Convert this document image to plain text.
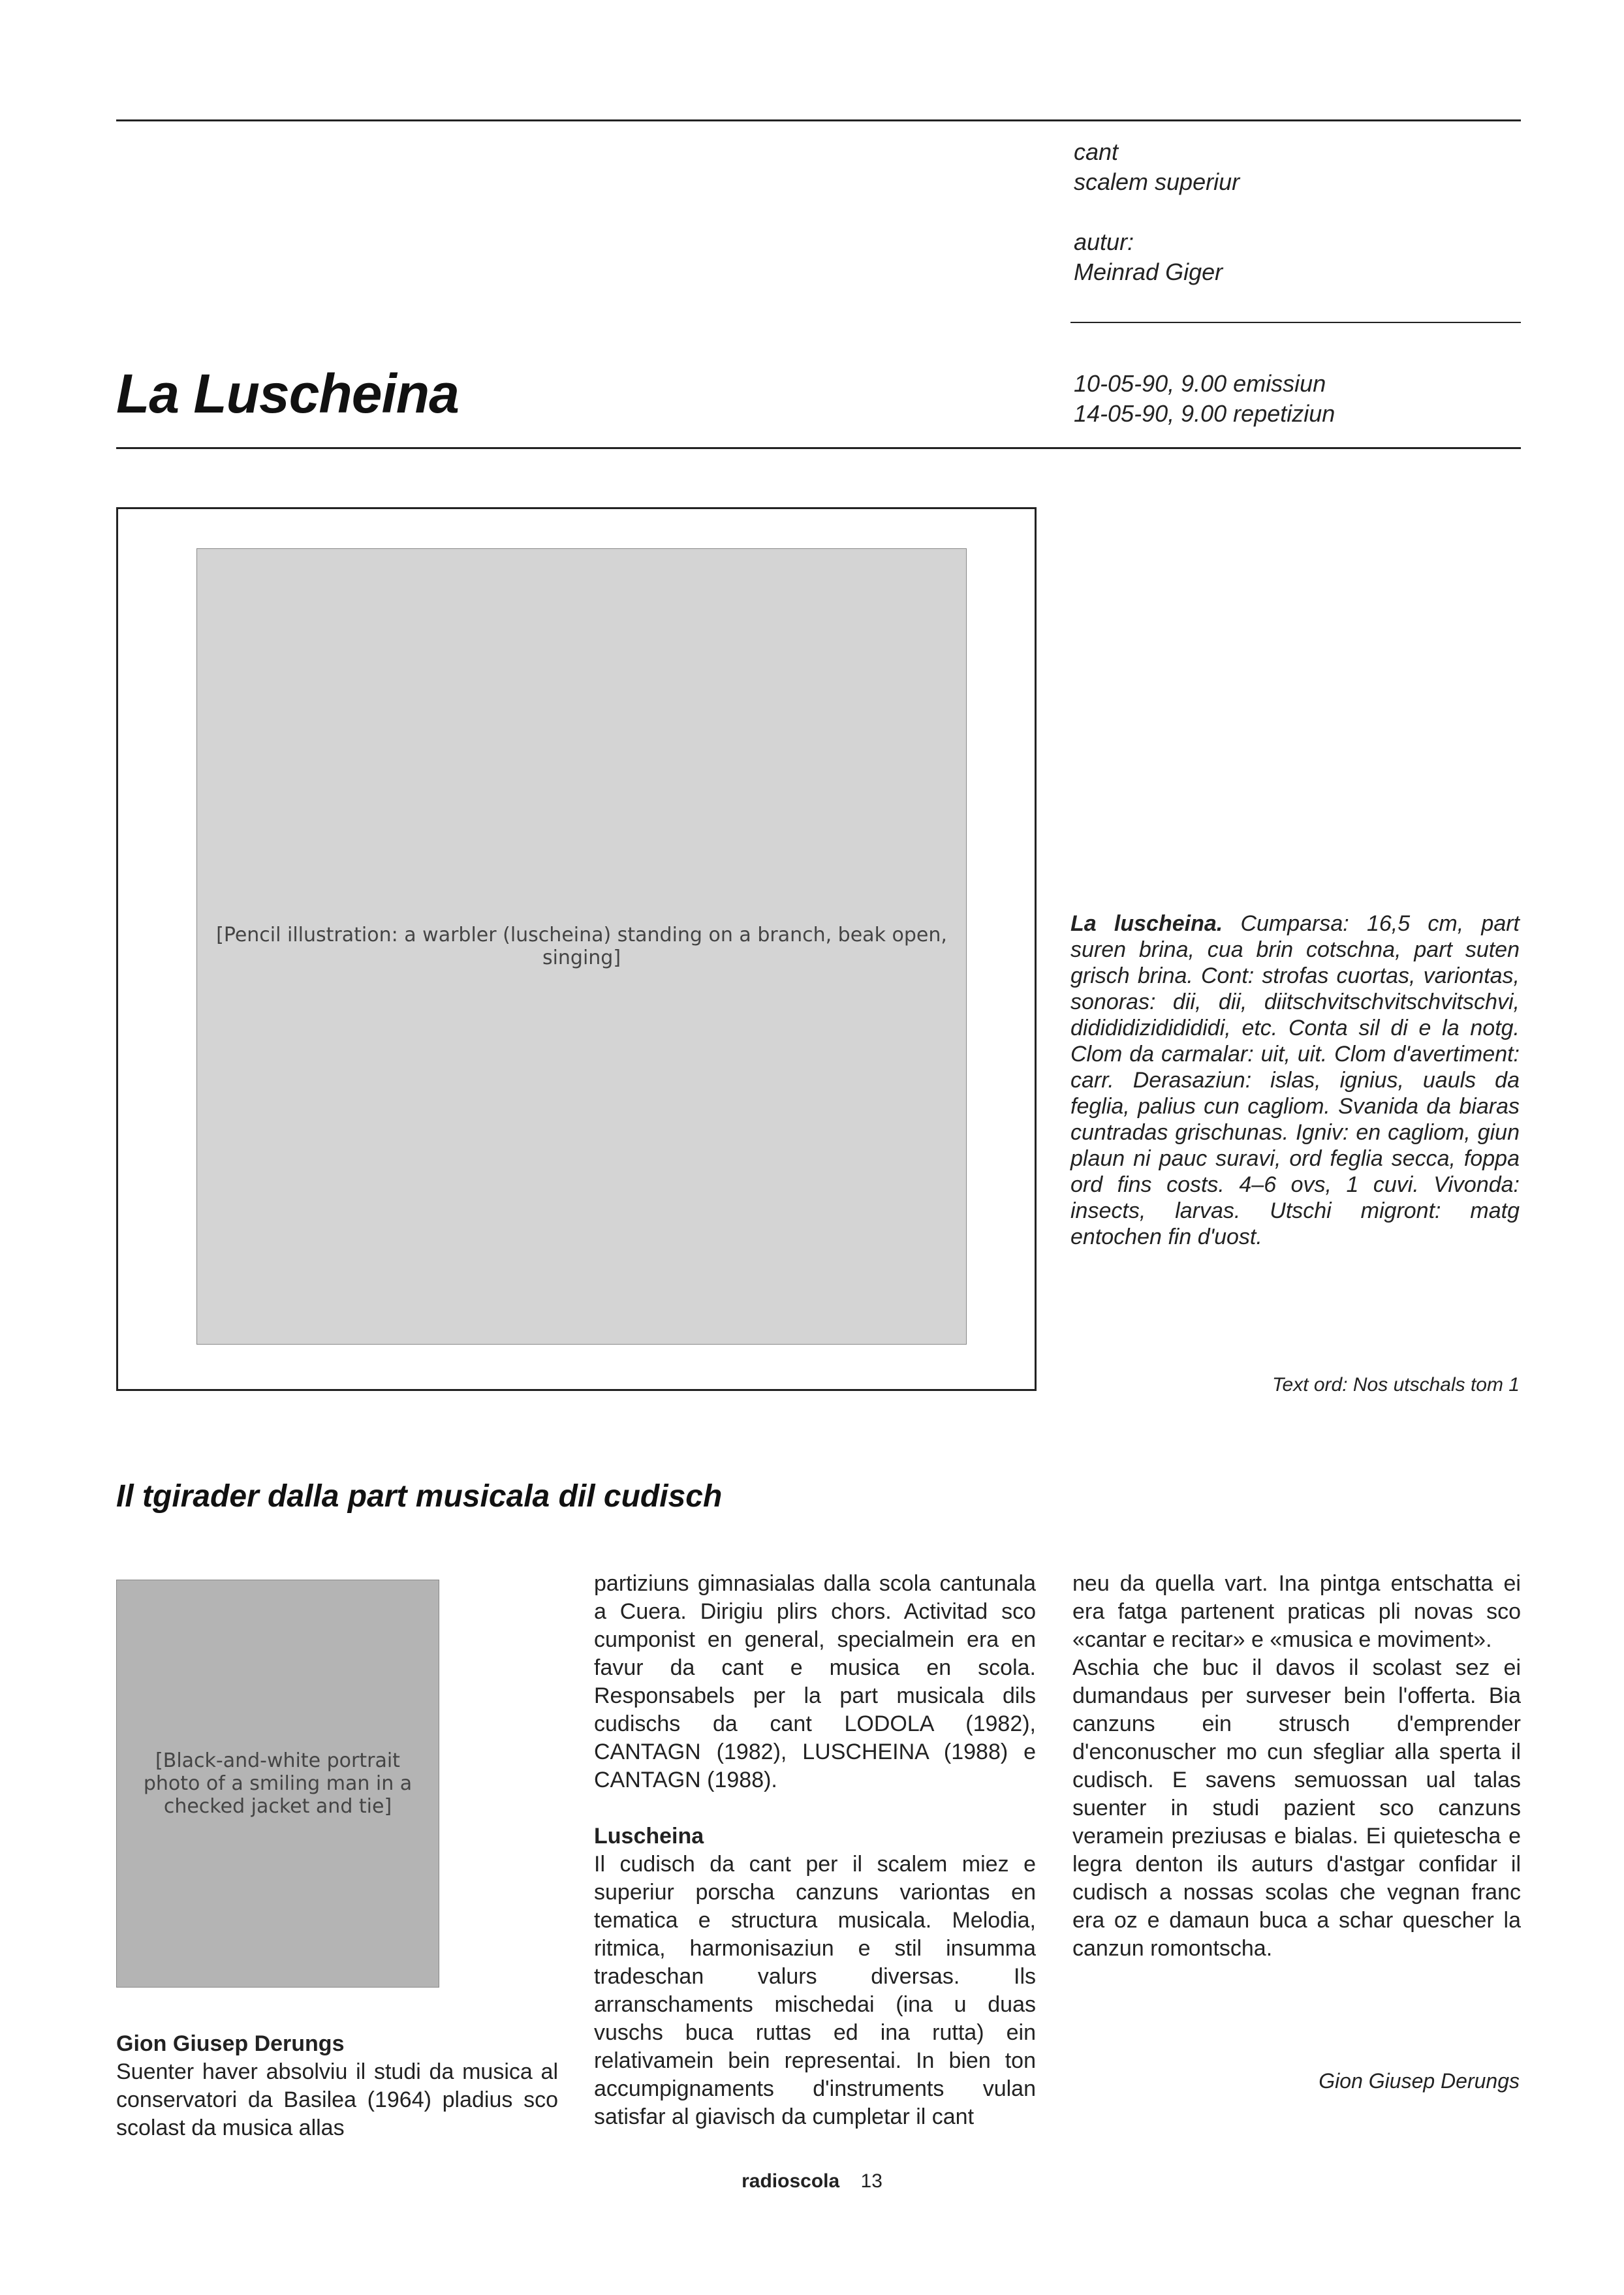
cant
scalem superiur
autur:
Meinrad Giger
10-05-90, 9.00 emissiun
14-05-90, 9.00 repetiziun
La Luscheina
[Pencil illustration: a warbler (luscheina) standing on a branch, beak open, singing]
La luscheina. Cumparsa: 16,5 cm, part suren brina, cua brin cotschna, part suten grisch brina. Cont: strofas cuortas, variontas, sonoras: dii, dii, diitschvitschvitschvitschvi, didididizididididi, etc. Conta sil di e la notg. Clom da carmalar: uit, uit. Clom d'avertiment: carr. Derasaziun: islas, ignius, uauls da feglia, palius cun cagliom. Svanida da biaras cuntradas grischunas. Igniv: en cagliom, giun plaun ni pauc suravi, ord feglia secca, foppa ord fins costs. 4–6 ovs, 1 cuvi. Vivonda: insects, larvas. Utschi migront: matg entochen fin d'uost.
Text ord: Nos utschals tom 1
Il tgirader dalla part musicala dil cudisch
[Black-and-white portrait photo of a smiling man in a checked jacket and tie]

Gion Giusep Derungs

Suenter haver absolviu il studi da musica al conservatori da Basilea (1964) pladius sco scolast da musica allas

partiziuns gimnasialas dalla scola cantunala a Cuera. Dirigiu plirs chors. Activitad sco cumponist en general, specialmein era en favur da cant e musica en scola. Responsabels per la part musicala dils cudischs da cant LODOLA (1982), CANTAGN (1982), LUSCHEINA (1988) e CANTAGN (1988).

Luscheina

Il cudisch da cant per il scalem miez e superiur porscha canzuns variontas en tematica e structura musicala. Melodia, ritmica, harmonisaziun e stil insumma tradeschan valurs diversas. Ils arranschaments mischedai (ina u duas vuschs buca ruttas ed ina rutta) ein relativamein bein representai. In bien ton accumpignaments d'instruments vulan satisfar al giavisch da cumpletar il cant

neu da quella vart. Ina pintga entschatta ei era fatga partenent praticas pli novas sco «cantar e recitar» e «musica e moviment».

Aschia che buc il davos il scolast sez ei dumandaus per surveser bein l'offerta. Bia canzuns ein strusch d'emprender d'enconuscher mo cun sfegliar alla sperta il cudisch. E savens semuossan ual talas suenter in studi pazient sco canzuns veramein preziusas e bialas. Ei quietescha e legra denton ils auturs d'astgar confidar il cudisch a nossas scolas che vegnan franc era oz e damaun buca a schar quescher la canzun romontscha.

Gion Giusep Derungs
radioscola 13
